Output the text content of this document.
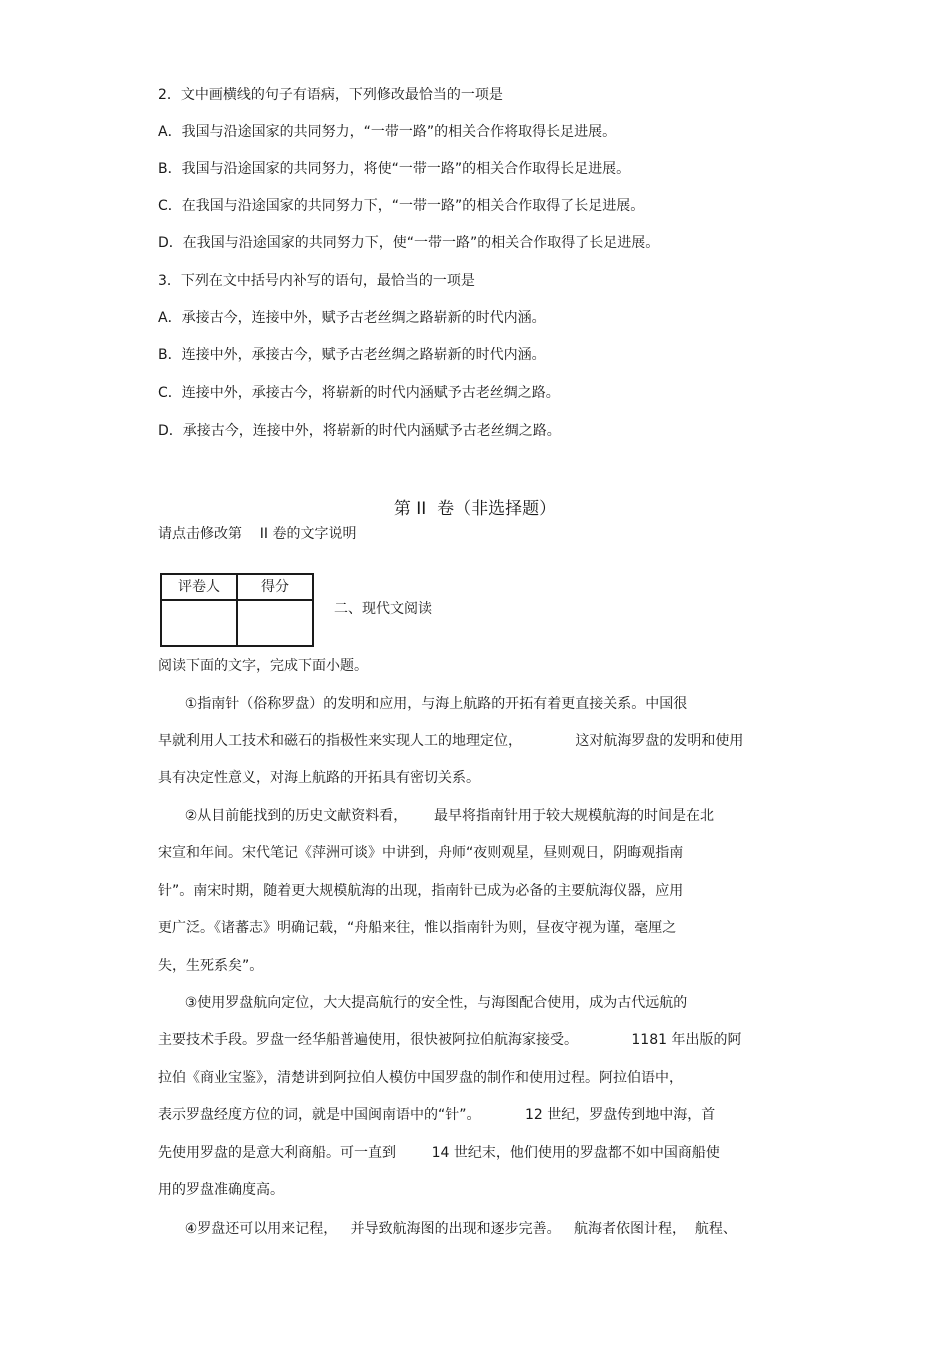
2．文中画横线的句子有语病，下列修改最恰当的一项是
A．我国与沿途国家的共同努力，“一带一路”的相关合作将取得长足进展。
B．我国与沿途国家的共同努力，将使“一带一路”的相关合作取得长足进展。
C．在我国与沿途国家的共同努力下，“一带一路”的相关合作取得了长足进展。
D．在我国与沿途国家的共同努力下，使“一带一路”的相关合作取得了长足进展。
3．下列在文中括号内补写的语句，最恰当的一项是
A．承接古今，连接中外，赋予古老丝绸之路崭新的时代内涵。
B．连接中外，承接古今，赋予古老丝绸之路崭新的时代内涵。
C．连接中外，承接古今，将崭新的时代内涵赋予古老丝绸之路。
D．承接古今，连接中外，将崭新的时代内涵赋予古老丝绸之路。
第 II  卷（非选择题）
请点击修改第    II 卷的文字说明
评卷人	得分

二、现代文阅读
阅读下面的文字，完成下面小题。
①指南针（俗称罗盘）的发明和应用，与海上航路的开拓有着更直接关系。中国很
早就利用人工技术和磁石的指极性来实现人工的地理定位，            这对航海罗盘的发明和使用
具有决定性意义，对海上航路的开拓具有密切关系。
②从目前能找到的历史文献资料看，      最早将指南针用于较大规模航海的时间是在北
宋宣和年间。宋代笔记《萍洲可谈》中讲到，舟师“夜则观星，昼则观日，阴晦观指南
针”。南宋时期，随着更大规模航海的出现，指南针已成为必备的主要航海仪器，应用
更广泛。《诸蕃志》明确记载，“舟船来往，惟以指南针为则，昼夜守视为谨，毫厘之
失，生死系矣”。
③使用罗盘航向定位，大大提高航行的安全性，与海图配合使用，成为古代远航的
主要技术手段。罗盘一经华船普遍使用，很快被阿拉伯航海家接受。            1181 年出版的阿
拉伯《商业宝鉴》，清楚讲到阿拉伯人模仿中国罗盘的制作和使用过程。阿拉伯语中，
表示罗盘经度方位的词，就是中国闽南语中的“针”。          12 世纪，罗盘传到地中海，首
先使用罗盘的是意大利商船。可一直到        14 世纪末，他们使用的罗盘都不如中国商船使
用的罗盘准确度高。
④罗盘还可以用来记程，   并导致航海图的出现和逐步完善。   航海者依图计程，  航程、
